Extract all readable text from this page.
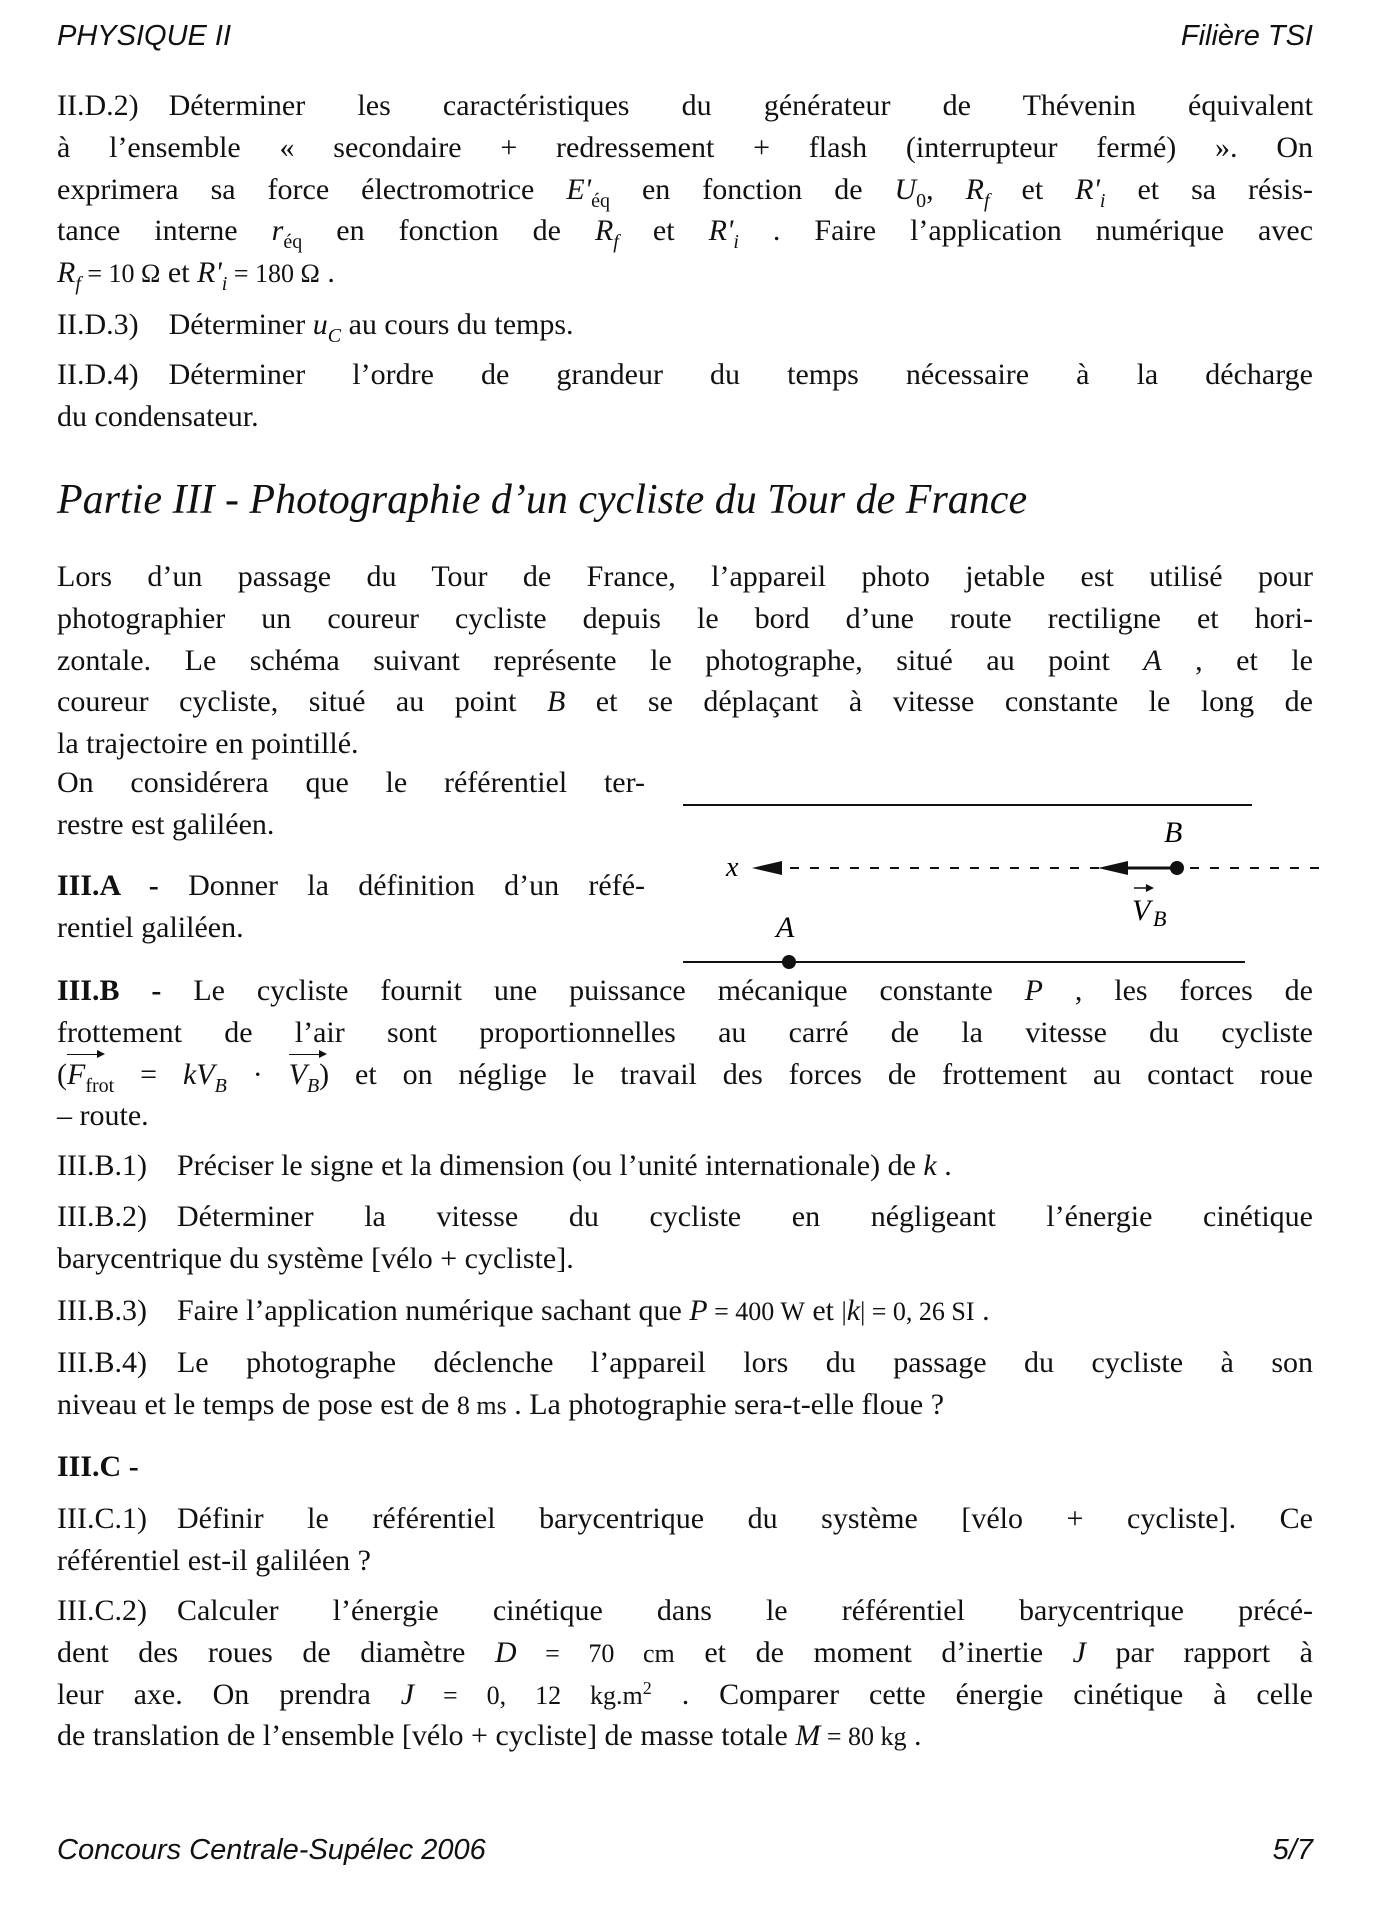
PHYSIQUE II	Filière TSI
II.D.2) Déterminer les caractéristiques du générateur de Thévenin équivalent
à l’ensemble « secondaire + redressement + flash (interrupteur fermé) ». On
exprimera sa force électromotrice $E'_{éq}$ en fonction de $U_0$, $R_f$ et $R'_i$ et sa résis-
tance interne $r_{éq}$ en fonction de $R_f$ et $R'_i$ . Faire l’application numérique avec
$R_f = 10$ Ω et $R'_i = 180$ Ω .
II.D.3) Déterminer $u_C$ au cours du temps.
II.D.4) Déterminer l’ordre de grandeur du temps nécessaire à la décharge
du condensateur.
Partie III - Photographie d’un cycliste du Tour de France
Lors d’un passage du Tour de France, l’appareil photo jetable est utilisé pour
photographier un coureur cycliste depuis le bord d’une route rectiligne et hori-
zontale. Le schéma suivant représente le photographe, situé au point A , et le
coureur cycliste, situé au point B et se déplaçant à vitesse constante le long de
la trajectoire en pointillé.
On considérera que le référentiel ter-
restre est galiléen.
III.A - Donner la définition d’un réfé-
rentiel galiléen.
x
A
B
V B
III.B - Le cycliste fournit une puissance mécanique constante P , les forces de
frottement de l’air sont proportionnelles au carré de la vitesse du cycliste
$(F_{frot} = kV_B \cdot V_B)$ et on néglige le travail des forces de frottement au contact roue
– route.
III.B.1) Préciser le signe et la dimension (ou l’unité internationale) de k .
III.B.2) Déterminer la vitesse du cycliste en négligeant l’énergie cinétique
barycentrique du système [vélo + cycliste].
III.B.3) Faire l’application numérique sachant que P = 400 W et |k| = 0, 26 SI .
III.B.4) Le photographe déclenche l’appareil lors du passage du cycliste à son
niveau et le temps de pose est de 8 ms . La photographie sera-t-elle floue ?
III.C -
III.C.1) Définir le référentiel barycentrique du système [vélo + cycliste]. Ce
référentiel est-il galiléen ?
III.C.2) Calculer l’énergie cinétique dans le référentiel barycentrique précé-
dent des roues de diamètre D = 70 cm et de moment d’inertie J par rapport à
leur axe. On prendra J = 0, 12 $kg.m^2$ . Comparer cette énergie cinétique à celle
de translation de l’ensemble [vélo + cycliste] de masse totale M = 80 kg .
Concours Centrale-Supélec 2006	5/7
